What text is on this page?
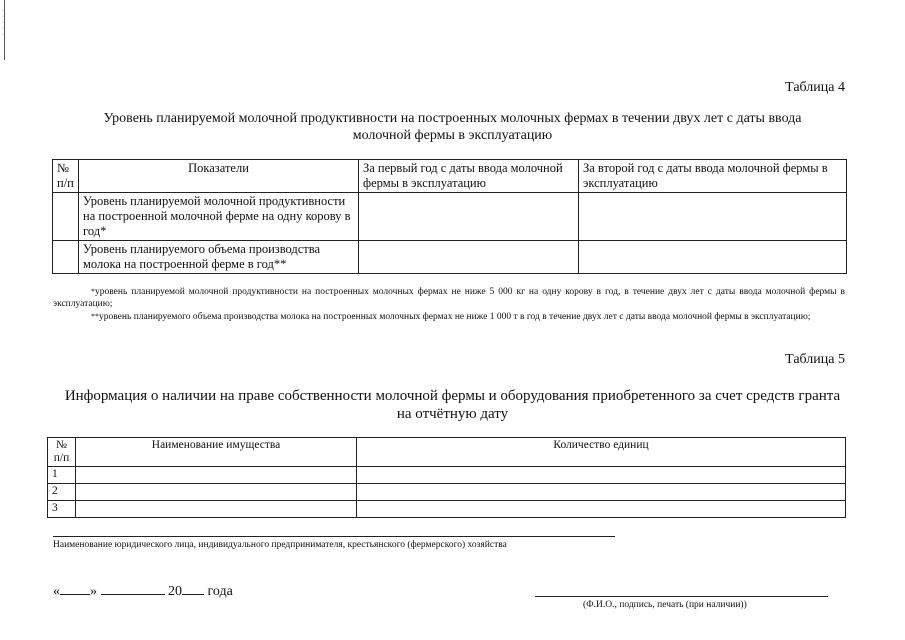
·
·
·
·
·
Таблица 4
Уровень планируемой молочной продуктивности на построенных молочных фермах в течении двух лет с даты ввода
молочной фермы в эксплуатацию
№ п/п	Показатели	За первый год с даты ввода молочной фермы в эксплуатацию	За второй год с даты ввода молочной фермы в эксплуатацию
	Уровень планируемой молочной продуктивности на построенной молочной ферме на одну корову в год*		
	Уровень планируемого объема производства молока на построенной ферме в год**		
*уровень планируемой молочной продуктивности на построенных молочных фермах не ниже 5 000 кг на одну корову в год, в течение двух лет с даты ввода молочной фермы в эксплуатацию;
**уровень планируемого объема производства молока на построенных молочных фермах не ниже 1 000 т в год в течение двух лет с даты ввода молочной фермы в эксплуатацию;
Таблица 5
Информация о наличии на праве собственности молочной фермы и оборудования приобретенного за счет средств гранта
на отчётную дату
№ п/п	Наименование имущества	Количество единиц
1		
2		
3		
Наименование юридического лица, индивидуального предпринимателя, крестьянского (фермерского) хозяйства
« »	20 года
(Ф.И.О., подпись, печать (при наличии))
